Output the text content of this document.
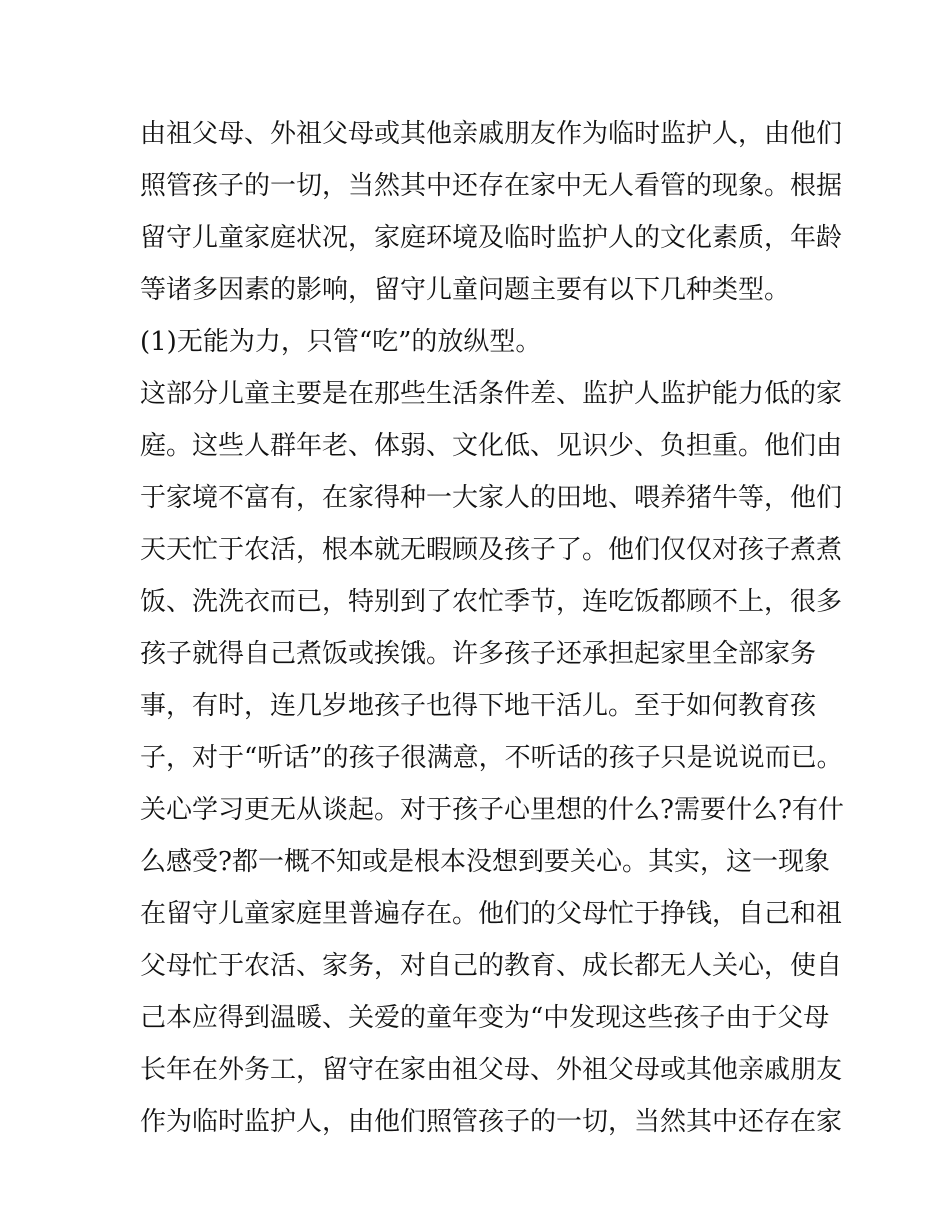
由祖父母、外祖父母或其他亲戚朋友作为临时监护人，由他们
照管孩子的一切，当然其中还存在家中无人看管的现象。根据
留守儿童家庭状况，家庭环境及临时监护人的文化素质，年龄
等诸多因素的影响，留守儿童问题主要有以下几种类型。
(1)无能为力，只管“吃”的放纵型。
这部分儿童主要是在那些生活条件差、监护人监护能力低的家
庭。这些人群年老、体弱、文化低、见识少、负担重。他们由
于家境不富有，在家得种一大家人的田地、喂养猪牛等，他们
天天忙于农活，根本就无暇顾及孩子了。他们仅仅对孩子煮煮
饭、洗洗衣而已，特别到了农忙季节，连吃饭都顾不上，很多
孩子就得自己煮饭或挨饿。许多孩子还承担起家里全部家务
事，有时，连几岁地孩子也得下地干活儿。至于如何教育孩
子，对于“听话”的孩子很满意，不听话的孩子只是说说而已。
关心学习更无从谈起。对于孩子心里想的什么?需要什么?有什
么感受?都一概不知或是根本没想到要关心。其实，这一现象
在留守儿童家庭里普遍存在。他们的父母忙于挣钱，自己和祖
父母忙于农活、家务，对自己的教育、成长都无人关心，使自
己本应得到温暖、关爱的童年变为“中发现这些孩子由于父母
长年在外务工，留守在家由祖父母、外祖父母或其他亲戚朋友
作为临时监护人，由他们照管孩子的一切，当然其中还存在家
